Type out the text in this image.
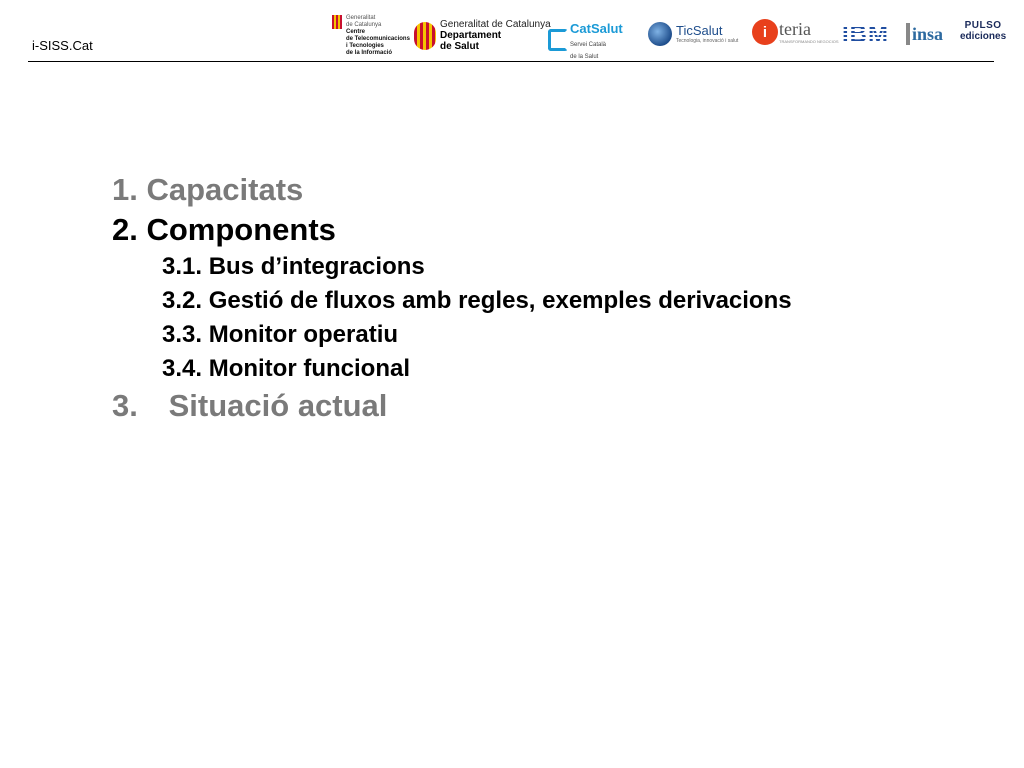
i-SISS.Cat
Generalitat
de Catalunya
Centre
de Telecomunicacions
i Tecnologies
de la Informació
Generalitat de Catalunya
Departament
de Salut
CatSalut
Servei Català
de la Salut
TicSalut
Tecnologia, innovació i salut
i teria
TRANSFORMANDO NEGOCIOS IBM insa PULSO
ediciones
1. Capacitats
2. Components
3.1. Bus d’integracions
3.2. Gestió de fluxos amb regles, exemples derivacions
3.3. Monitor operatiu
3.4. Monitor funcional
3. Situació actual
